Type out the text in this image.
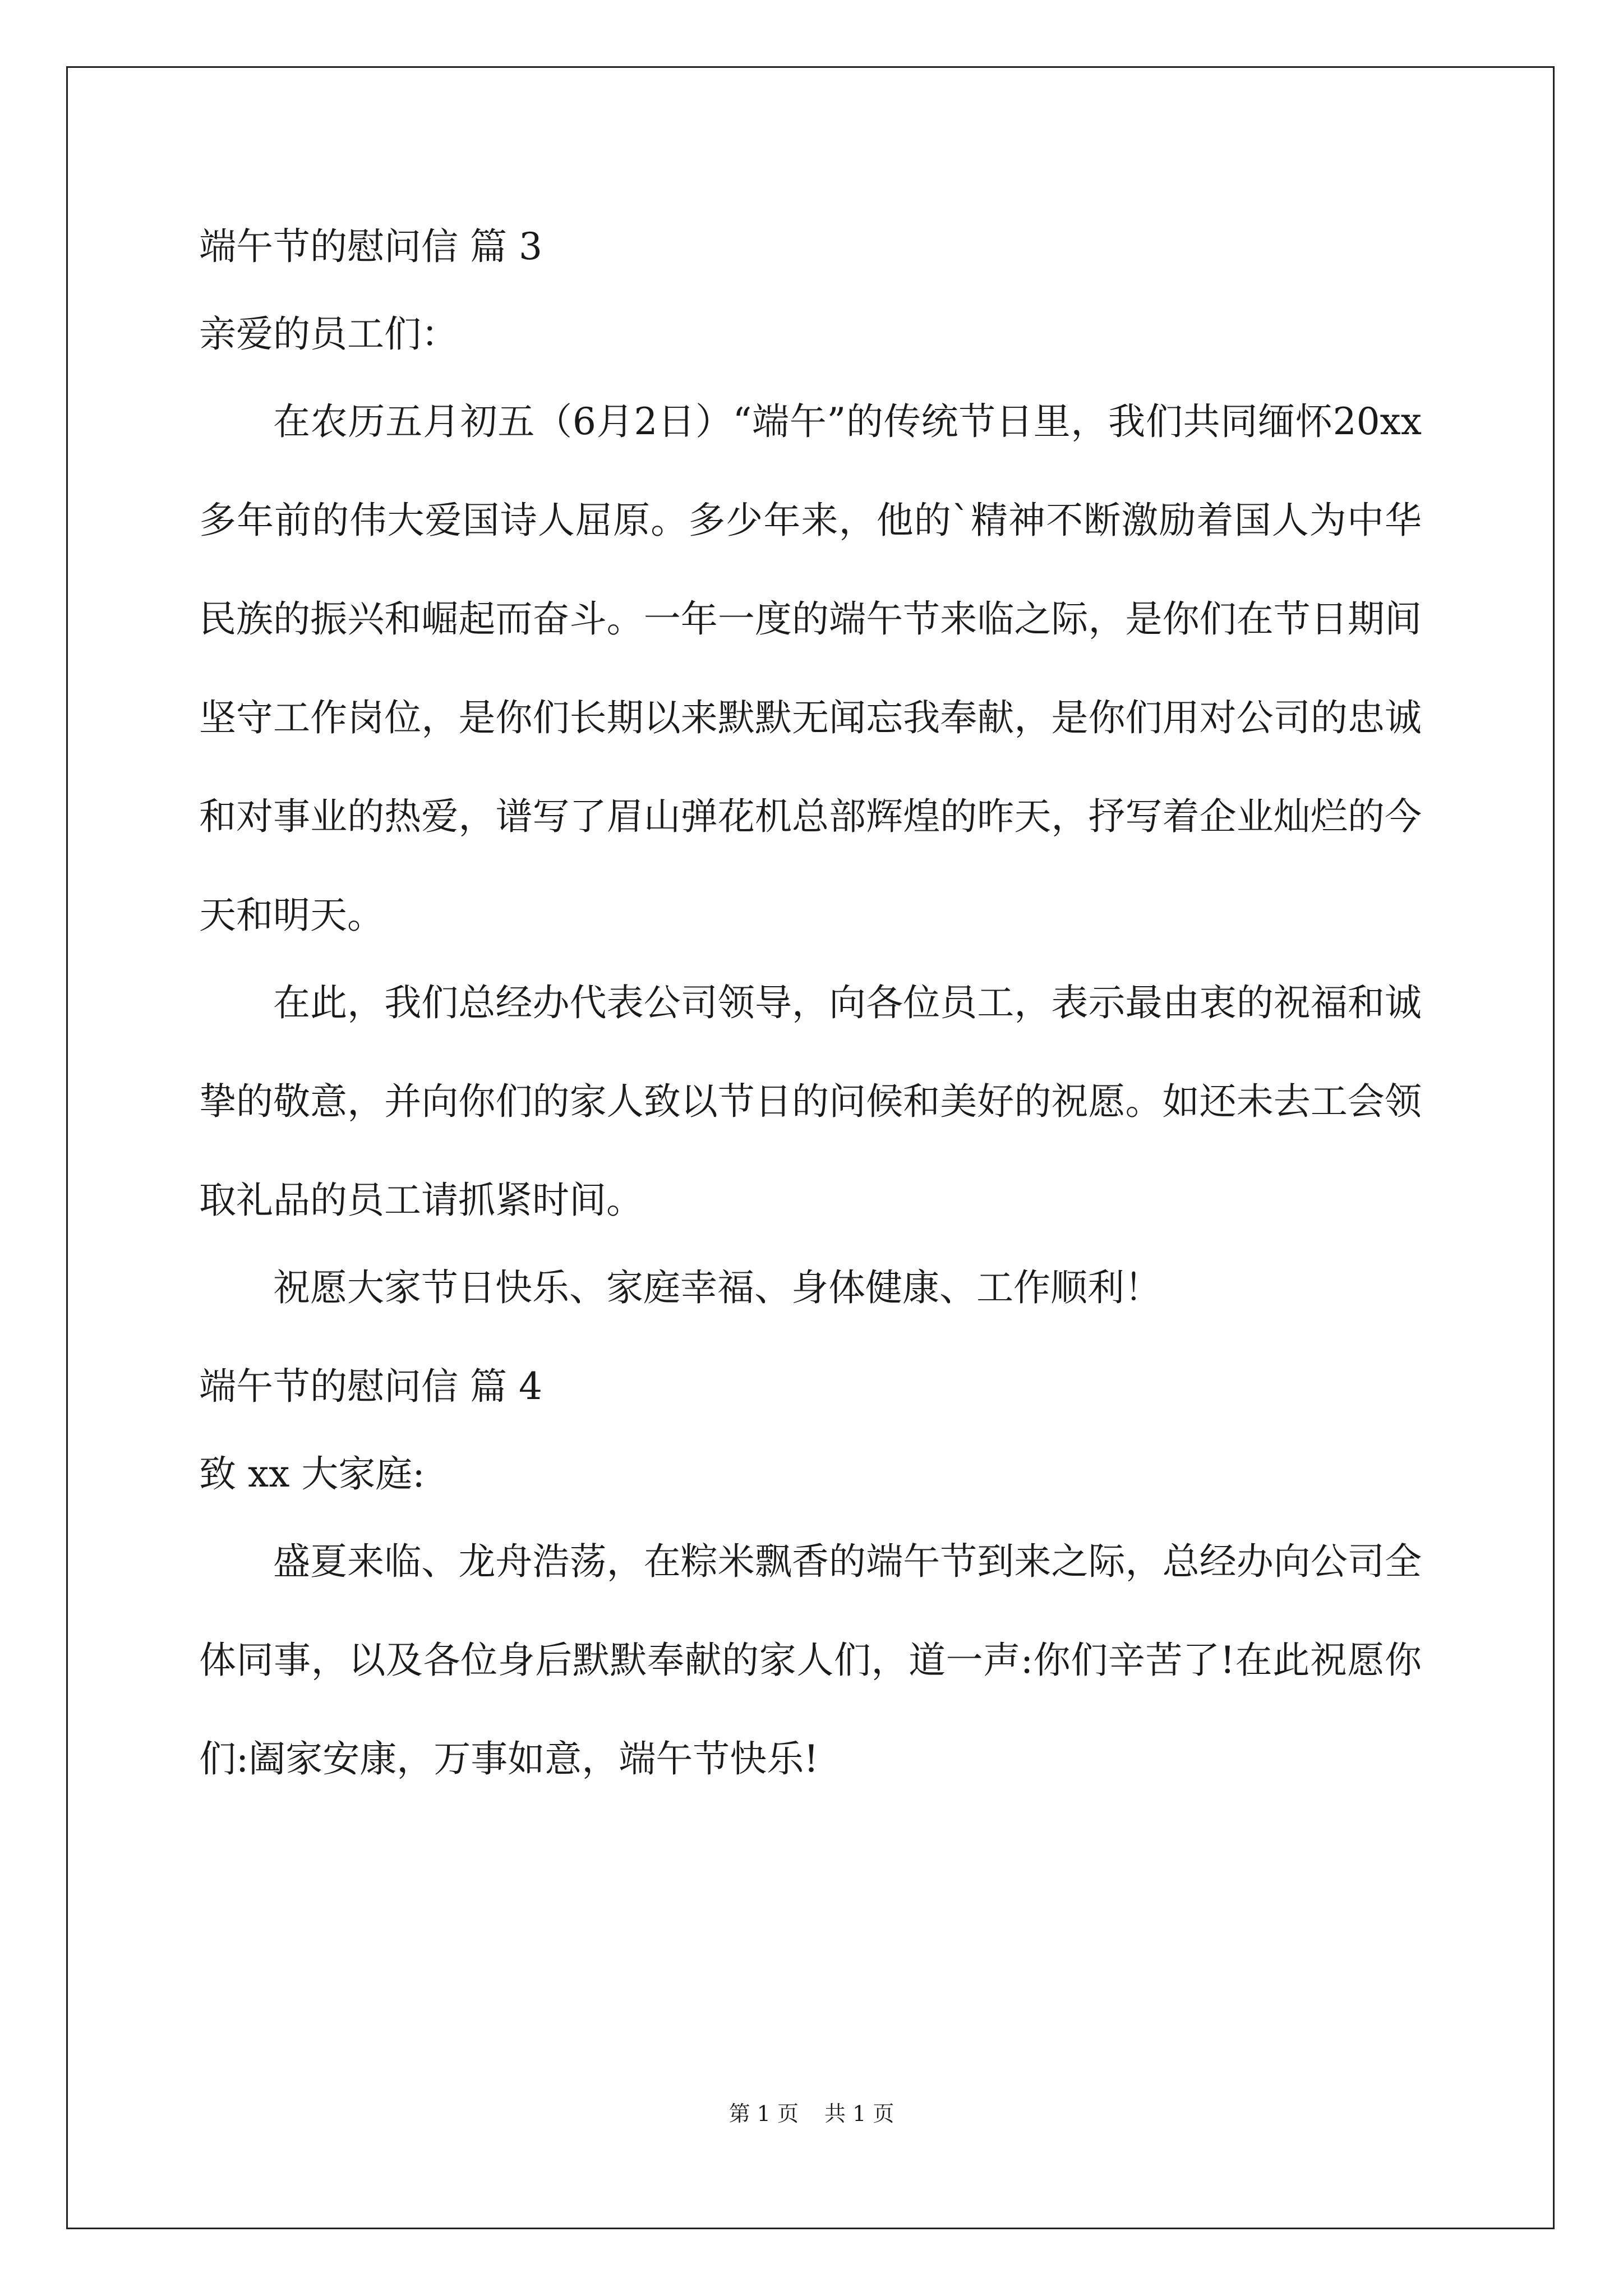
端午节的慰问信 篇 3

亲爱的员工们：

在农历五月初五（6月2日）“端午”的传统节日里，我们共同缅怀20xx多年前的伟大爱国诗人屈原。多少年来，他的`精神不断激励着国人为中华民族的振兴和崛起而奋斗。一年一度的端午节来临之际，是你们在节日期间坚守工作岗位，是你们长期以来默默无闻忘我奉献，是你们用对公司的忠诚和对事业的热爱，谱写了眉山弹花机总部辉煌的昨天，抒写着企业灿烂的今天和明天。

在此，我们总经办代表公司领导，向各位员工，表示最由衷的祝福和诚挚的敬意，并向你们的家人致以节日的问候和美好的祝愿。如还未去工会领取礼品的员工请抓紧时间。

祝愿大家节日快乐、家庭幸福、身体健康、工作顺利！

端午节的慰问信 篇 4

致 xx 大家庭:

盛夏来临、龙舟浩荡，在粽米飘香的端午节到来之际，总经办向公司全体同事，以及各位身后默默奉献的家人们，道一声:你们辛苦了!在此祝愿你们:阖家安康，万事如意，端午节快乐!

第 1 页 共 1 页
